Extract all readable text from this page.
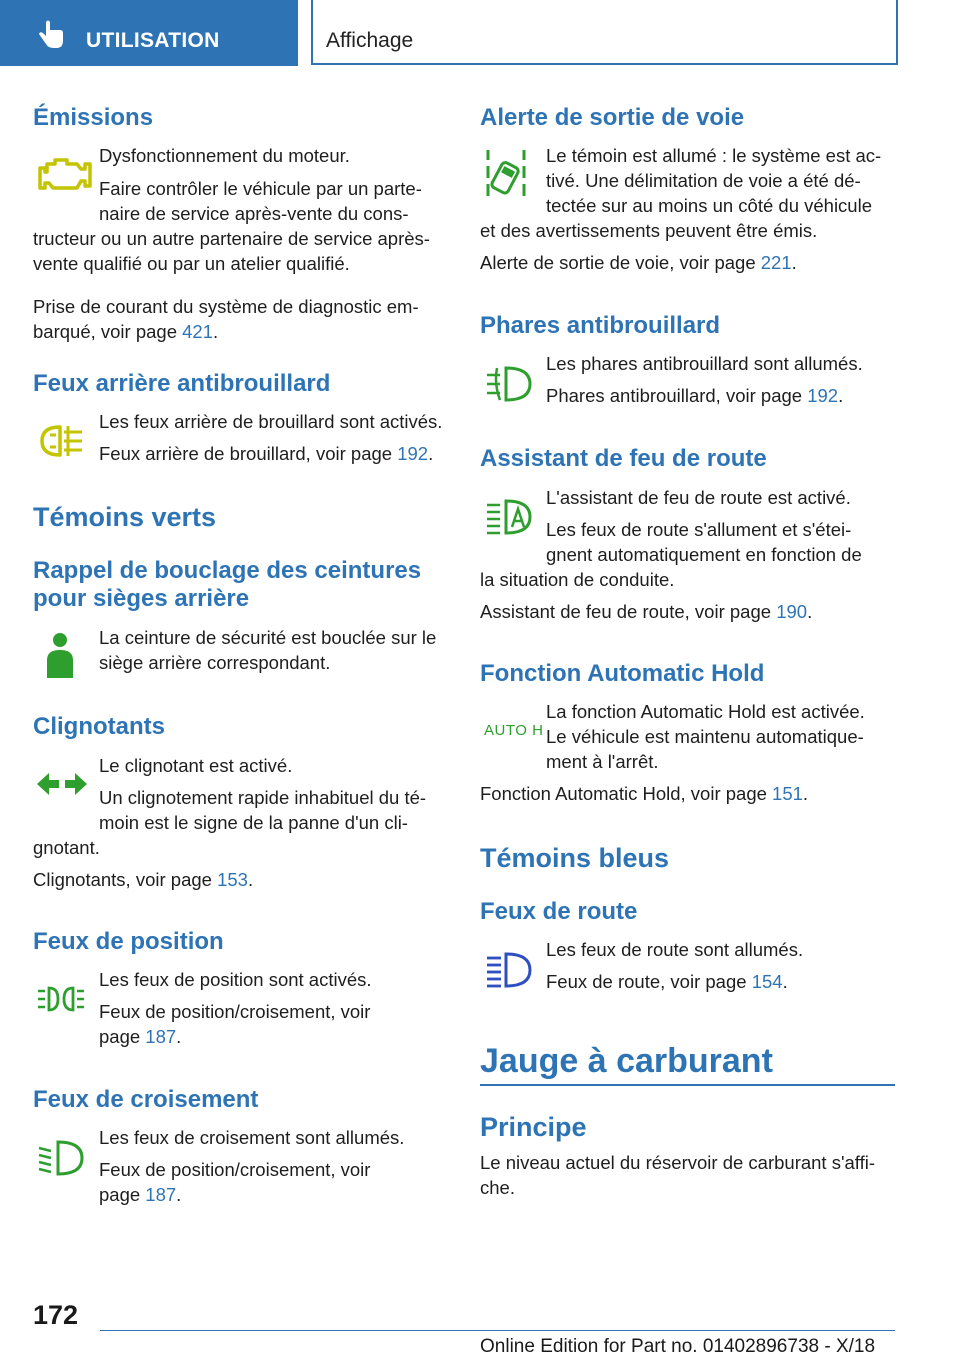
UTILISATION	Affichage
Émissions
Dysfonctionnement du moteur.
Faire contrôler le véhicule par un parte-
naire de service après-vente du cons-
tructeur ou un autre partenaire de service après-
vente qualifié ou par un atelier qualifié.
Prise de courant du système de diagnostic em-
barqué, voir page 421.
Feux arrière antibrouillard
Les feux arrière de brouillard sont activés.
Feux arrière de brouillard, voir page 192.
Témoins verts
Rappel de bouclage des ceintures
pour sièges arrière
La ceinture de sécurité est bouclée sur le
siège arrière correspondant.
Clignotants
Le clignotant est activé.
Un clignotement rapide inhabituel du té-
moin est le signe de la panne d'un cli-
gnotant.
Clignotants, voir page 153.
Feux de position
Les feux de position sont activés.
Feux de position/croisement, voir
page 187.
Feux de croisement
Les feux de croisement sont allumés.
Feux de position/croisement, voir
page 187.
Alerte de sortie de voie
Le témoin est allumé : le système est ac-
tivé. Une délimitation de voie a été dé-
tectée sur au moins un côté du véhicule
et des avertissements peuvent être émis.
Alerte de sortie de voie, voir page 221.
Phares antibrouillard
Les phares antibrouillard sont allumés.
Phares antibrouillard, voir page 192.
Assistant de feu de route
L'assistant de feu de route est activé.
Les feux de route s'allument et s'étei-
gnent automatiquement en fonction de
la situation de conduite.
Assistant de feu de route, voir page 190.
Fonction Automatic Hold
AUTO H
La fonction Automatic Hold est activée.
Le véhicule est maintenu automatique-
ment à l'arrêt.
Fonction Automatic Hold, voir page 151.
Témoins bleus
Feux de route
Les feux de route sont allumés.
Feux de route, voir page 154.
Jauge à carburant
Principe
Le niveau actuel du réservoir de carburant s'affi-
che.
172
Online Edition for Part no. 01402896738 - X/18
